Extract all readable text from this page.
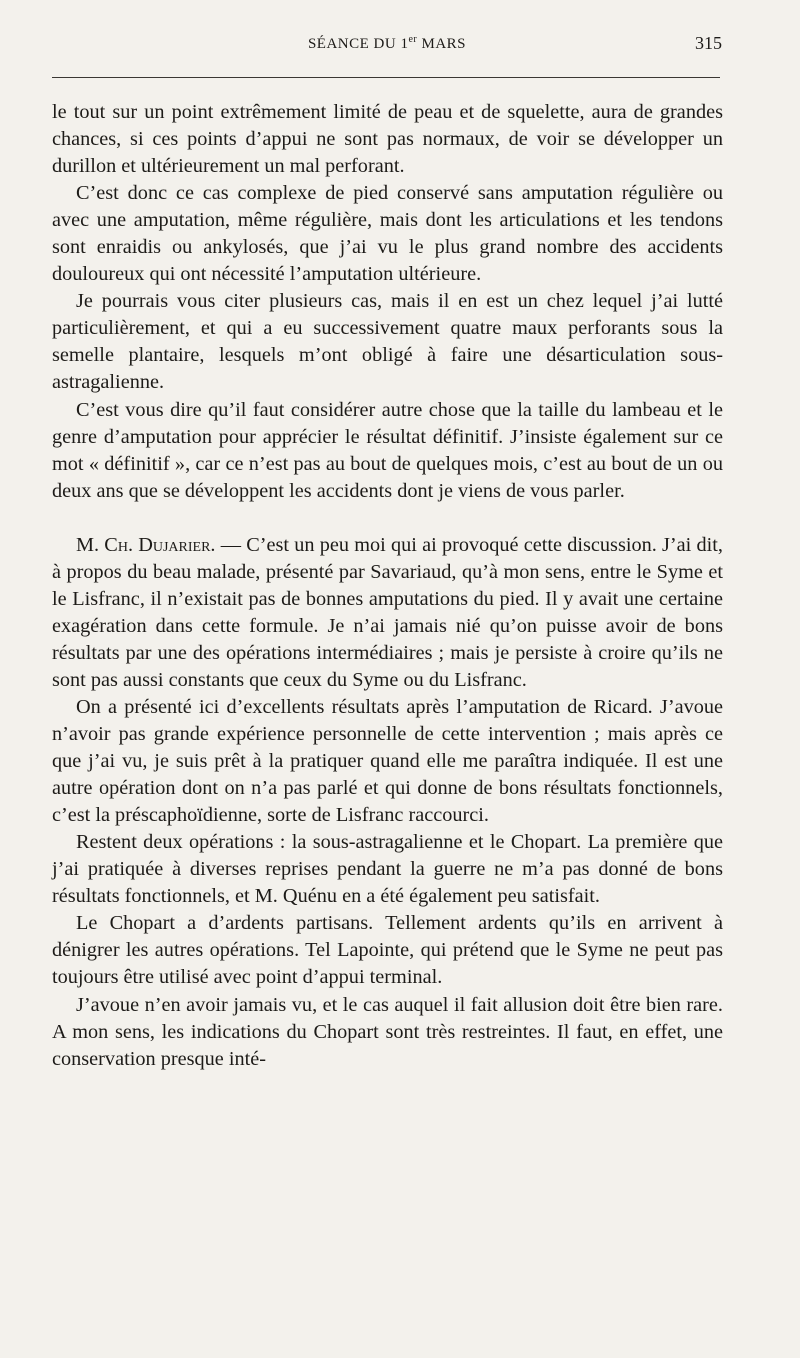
SÉANCE DU 1er MARS	315

le tout sur un point extrêmement limité de peau et de squelette, aura de grandes chances, si ces points d’appui ne sont pas normaux, de voir se développer un durillon et ultérieurement un mal perforant.

C’est donc ce cas complexe de pied conservé sans amputation régulière ou avec une amputation, même régulière, mais dont les articulations et les tendons sont enraidis ou ankylosés, que j’ai vu le plus grand nombre des accidents douloureux qui ont nécessité l’amputation ultérieure.

Je pourrais vous citer plusieurs cas, mais il en est un chez lequel j’ai lutté particulièrement, et qui a eu successivement quatre maux perforants sous la semelle plantaire, lesquels m’ont obligé à faire une désarticulation sous-astragalienne.

C’est vous dire qu’il faut considérer autre chose que la taille du lambeau et le genre d’amputation pour apprécier le résultat définitif. J’insiste également sur ce mot « définitif », car ce n’est pas au bout de quelques mois, c’est au bout de un ou deux ans que se développent les accidents dont je viens de vous parler.

M. Ch. Dujarier. — C’est un peu moi qui ai provoqué cette discussion. J’ai dit, à propos du beau malade, présenté par Savariaud, qu’à mon sens, entre le Syme et le Lisfranc, il n’existait pas de bonnes amputations du pied. Il y avait une certaine exagération dans cette formule. Je n’ai jamais nié qu’on puisse avoir de bons résultats par une des opérations intermédiaires ; mais je persiste à croire qu’ils ne sont pas aussi constants que ceux du Syme ou du Lisfranc.

On a présenté ici d’excellents résultats après l’amputation de Ricard. J’avoue n’avoir pas grande expérience personnelle de cette intervention ; mais après ce que j’ai vu, je suis prêt à la pratiquer quand elle me paraîtra indiquée. Il est une autre opération dont on n’a pas parlé et qui donne de bons résultats fonctionnels, c’est la préscaphoïdienne, sorte de Lisfranc raccourci.

Restent deux opérations : la sous-astragalienne et le Chopart. La première que j’ai pratiquée à diverses reprises pendant la guerre ne m’a pas donné de bons résultats fonctionnels, et M. Quénu en a été également peu satisfait.

Le Chopart a d’ardents partisans. Tellement ardents qu’ils en arrivent à dénigrer les autres opérations. Tel Lapointe, qui prétend que le Syme ne peut pas toujours être utilisé avec point d’appui terminal.

J’avoue n’en avoir jamais vu, et le cas auquel il fait allusion doit être bien rare. A mon sens, les indications du Chopart sont très restreintes. Il faut, en effet, une conservation presque inté-
